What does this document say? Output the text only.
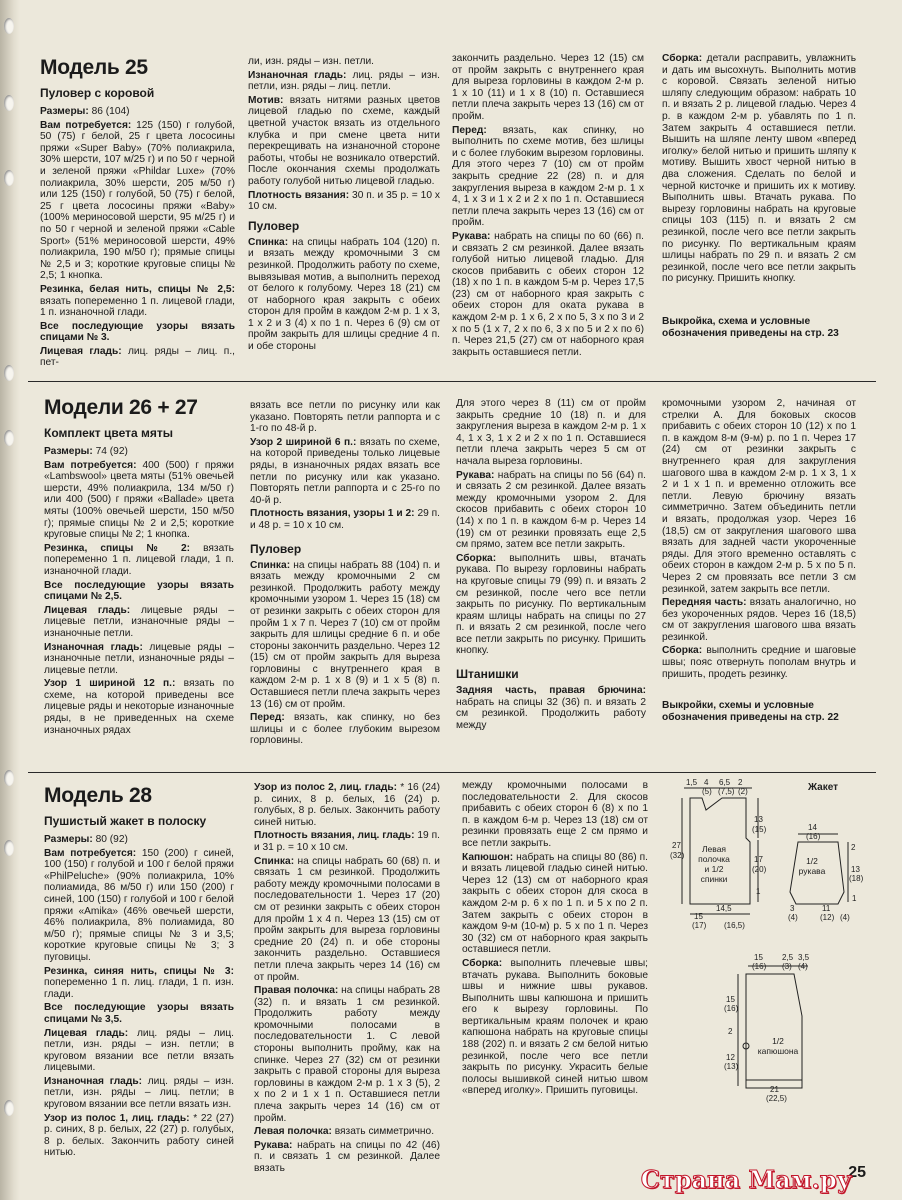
Модель 25
Пуловер с коровой

Размеры: 86 (104)

Вам потребуется: 125 (150) г голубой, 50 (75) г белой, 25 г цвета лососины пряжи «Super Baby» (70% полиакрила, 30% шерсти, 107 м/25 г) и по 50 г черной и зеленой пряжи «Phildar Luxe» (70% полиакрила, 30% шерсти, 205 м/50 г) или 125 (150) г голубой, 50 (75) г белой, 25 г цвета лососины пряжи «Baby» (100% мериносовой шерсти, 95 м/25 г) и по 50 г черной и зеленой пряжи «Cable Sport» (51% мериносовой шерсти, 49% полиакрила, 190 м/50 г); прямые спицы № 2,5 и 3; короткие круговые спицы № 2,5; 1 кнопка.

Резинка, белая нить, спицы № 2,5: вязать попеременно 1 п. лицевой глади, 1 п. изнаночной глади.

Все последующие узоры вязать спицами № 3.

Лицевая гладь: лиц. ряды – лиц. п., пет-

ли, изн. ряды – изн. петли.

Изнаночная гладь: лиц. ряды – изн. петли, изн. ряды – лиц. петли.

Мотив: вязать нитями разных цветов лицевой гладью по схеме, каждый цветной участок вязать из отдельного клубка и при смене цвета нити перекрещивать на изнаночной стороне работы, чтобы не возникало отверстий. После окончания схемы продолжать работу голубой нитью лицевой гладью.

Плотность вязания: 30 п. и 35 р. = 10 х 10 см.

Пуловер

Спинка: на спицы набрать 104 (120) п. и вязать между кромочными 3 см резинкой. Продолжить работу по схеме, вывязывая мотив, а выполнить переход от белого к голубому. Через 18 (21) см от наборного края закрыть с обеих сторон для пройм в каждом 2-м р. 1 х 3, 1 х 2 и 3 (4) х по 1 п. Через 6 (9) см от пройм закрыть для шлицы средние 4 п. и обе стороны

закончить раздельно. Через 12 (15) см от пройм закрыть с внутреннего края для выреза горловины в каждом 2-м р. 1 х 10 (11) и 1 х 8 (10) п. Оставшиеся петли плеча закрыть через 13 (16) см от пройм.

Перед: вязать, как спинку, но выполнить по схеме мотив, без шлицы и с более глубоким вырезом горловины. Для этого через 7 (10) см от пройм закрыть средние 22 (28) п. и для закругления выреза в каждом 2-м р. 1 х 4, 1 х 3 и 1 х 2 и 2 х по 1 п. Оставшиеся петли плеча закрыть через 13 (16) см от пройм.

Рукава: набрать на спицы по 60 (66) п. и связать 2 см резинкой. Далее вязать голубой нитью лицевой гладью. Для скосов прибавить с обеих сторон 12 (18) х по 1 п. в каждом 5-м р. Через 17,5 (23) см от наборного края закрыть с обеих сторон для оката рукава в каждом 2-м р. 1 х 6, 2 х по 5, 3 х по 3 и 2 х по 5 (1 х 7, 2 х по 6, 3 х по 5 и 2 х по 6) п. Через 21,5 (27) см от наборного края закрыть оставшиеся петли.

Сборка: детали расправить, увлажнить и дать им высохнуть. Выполнить мотив с коровой. Связать зеленой нитью шляпу следующим образом: набрать 10 п. и вязать 2 р. лицевой гладью. Через 4 р. в каждом 2-м р. убавлять по 1 п. Затем закрыть 4 оставшиеся петли. Вышить на шляпе ленту швом «вперед иголку» белой нитью и пришить шляпу к мотиву. Вышить хвост черной нитью в два сложения. Сделать по белой и черной кисточке и пришить их к мотиву. Выполнить швы. Втачать рукава. По вырезу горловины набрать на круговые спицы 103 (115) п. и вязать 2 см резинкой, после чего все петли закрыть по рисунку. По вертикальным краям шлицы набрать по 29 п. и вязать 2 см резинкой, после чего все петли закрыть по рисунку. Пришить кнопку.

Выкройка, схема и условные обозначения приведены на стр. 23
Модели 26 + 27
Комплект цвета мяты

Размеры: 74 (92)

Вам потребуется: 400 (500) г пряжи «Lambswool» цвета мяты (51% овечьей шерсти, 49% полиакрила, 134 м/50 г) или 400 (500) г пряжи «Ballade» цвета мяты (100% овечьей шерсти, 150 м/50 г); прямые спицы № 2 и 2,5; короткие круговые спицы № 2; 1 кнопка.

Резинка, спицы № 2: вязать попеременно 1 п. лицевой глади, 1 п. изнаночной глади.

Все последующие узоры вязать спицами № 2,5.

Лицевая гладь: лицевые ряды – лицевые петли, изнаночные ряды – изнаночные петли.

Изнаночная гладь: лицевые ряды – изнаночные петли, изнаночные ряды – лицевые петли.

Узор 1 шириной 12 п.: вязать по схеме, на которой приведены все лицевые ряды и некоторые изнаночные ряды, в не приведенных на схеме изнаночных рядах

вязать все петли по рисунку или как указано. Повторять петли раппорта и с 1-го по 48-й р.

Узор 2 шириной 6 п.: вязать по схеме, на которой приведены только лицевые ряды, в изнаночных рядах вязать все петли по рисунку или как указано. Повторять петли раппорта и с 25-го по 40-й р.

Плотность вязания, узоры 1 и 2: 29 п. и 48 р. = 10 х 10 см.

Пуловер

Спинка: на спицы набрать 88 (104) п. и вязать между кромочными 2 см резинкой. Продолжить работу между кромочными узором 1. Через 15 (18) см от резинки закрыть с обеих сторон для пройм 1 х 7 п. Через 7 (10) см от пройм закрыть для шлицы средние 6 п. и обе стороны закончить раздельно. Через 12 (15) см от пройм закрыть для выреза горловины с внутреннего края в каждом 2-м р. 1 х 8 (9) и 1 х 5 (8) п. Оставшиеся петли плеча закрыть через 13 (16) см от пройм.

Перед: вязать, как спинку, но без шлицы и с более глубоким вырезом горловины.

Для этого через 8 (11) см от пройм закрыть средние 10 (18) п. и для закругления выреза в каждом 2-м р. 1 х 4, 1 х 3, 1 х 2 и 2 х по 1 п. Оставшиеся петли плеча закрыть через 5 см от начала выреза горловины.

Рукава: набрать на спицы по 56 (64) п. и связать 2 см резинкой. Далее вязать между кромочными узором 2. Для скосов прибавить с обеих сторон 10 (14) х по 1 п. в каждом 6-м р. Через 14 (19) см от резинки провязать еще 2,5 см прямо, затем все петли закрыть.

Сборка: выполнить швы, втачать рукава. По вырезу горловины набрать на круговые спицы 79 (99) п. и вязать 2 см резинкой, после чего все петли закрыть по рисунку. По вертикальным краям шлицы набрать на спицы по 27 п. и вязать 2 см резинкой, после чего все петли закрыть по рисунку. Пришить кнопку.

Штанишки

Задняя часть, правая брючина: набрать на спицы 32 (36) п. и вязать 2 см резинкой. Продолжить работу между

кромочными узором 2, начиная от стрелки А. Для боковых скосов прибавить с обеих сторон 10 (12) х по 1 п. в каждом 8-м (9-м) р. по 1 п. Через 17 (24) см от резинки закрыть с внутреннего края для закругления шагового шва в каждом 2-м р. 1 х 3, 1 х 2 и 1 х 1 п. и временно отложить все петли. Левую брючину вязать симметрично. Затем объединить петли и вязать, продолжая узор. Через 16 (18,5) см от закругления шагового шва вязать для задней части укороченные ряды. Для этого временно оставлять с обеих сторон в каждом 2-м р. 5 х по 5 п. Через 2 см провязать все петли 3 см резинкой, затем закрыть все петли.

Передняя часть: вязать аналогично, но без укороченных рядов. Через 16 (18,5) см от закругления шагового шва вязать резинкой.

Сборка: выполнить средние и шаговые швы; пояс отвернуть пополам внутрь и пришить, продеть резинку.

Выкройки, схемы и условные обозначения приведены на стр. 22
Модель 28
Пушистый жакет в полоску

Размеры: 80 (92)

Вам потребуется: 150 (200) г синей, 100 (150) г голубой и 100 г белой пряжи «PhilPeluche» (90% полиакрила, 10% полиамида, 86 м/50 г) или 150 (200) г синей, 100 (150) г голубой и 100 г белой пряжи «Amika» (46% овечьей шерсти, 46% полиакрила, 8% полиамида, 80 м/50 г); прямые спицы № 3 и 3,5; короткие круговые спицы № 3; 3 пуговицы.

Резинка, синяя нить, спицы № 3: попеременно 1 п. лиц. глади, 1 п. изн. глади.

Все последующие узоры вязать спицами № 3,5.

Лицевая гладь: лиц. ряды – лиц. петли, изн. ряды – изн. петли; в круговом вязании все петли вязать лицевыми.

Изнаночная гладь: лиц. ряды – изн. петли, изн. ряды – лиц. петли; в круговом вязании все петли вязать изн.

Узор из полос 1, лиц. гладь: * 22 (27) р. синих, 8 р. белых, 22 (27) р. голубых, 8 р. белых. Закончить работу синей нитью.

Узор из полос 2, лиц. гладь: * 16 (24) р. синих, 8 р. белых, 16 (24) р. голубых, 8 р. белых. Закончить работу синей нитью.

Плотность вязания, лиц. гладь: 19 п. и 31 р. = 10 х 10 см.

Спинка: на спицы набрать 60 (68) п. и связать 1 см резинкой. Продолжить работу между кромочными полосами в последовательности 1. Через 17 (20) см от резинки закрыть с обеих сторон для пройм 1 х 4 п. Через 13 (15) см от пройм закрыть для выреза горловины средние 20 (24) п. и обе стороны закончить раздельно. Оставшиеся петли плеча закрыть через 14 (16) см от пройм.

Правая полочка: на спицы набрать 28 (32) п. и вязать 1 см резинкой. Продолжить работу между кромочными полосами в последовательности 1. С левой стороны выполнить пройму, как на спинке. Через 27 (32) см от резинки закрыть с правой стороны для выреза горловины в каждом 2-м р. 1 х 3 (5), 2 х по 2 и 1 х 1 п. Оставшиеся петли плеча закрыть через 14 (16) см от пройм.

Левая полочка: вязать симметрично.

Рукава: набрать на спицы по 42 (46) п. и связать 1 см резинкой. Далее вязать

между кромочными полосами в последовательности 2. Для скосов прибавить с обеих сторон 6 (8) х по 1 п. в каждом 6-м р. Через 13 (18) см от резинки провязать еще 2 см прямо и все петли закрыть.

Капюшон: набрать на спицы 80 (86) п. и вязать лицевой гладью синей нитью. Через 12 (13) см от наборного края закрыть с обеих сторон для скоса в каждом 2-м р. 6 х по 1 п. и 5 х по 2 п. Затем закрыть с обеих сторон в каждом 9-м (10-м) р. 5 х по 1 п. Через 30 (32) см от наборного края закрыть оставшиеся петли.

Сборка: выполнить плечевые швы; втачать рукава. Выполнить боковые швы и нижние швы рукавов. Выполнить швы капюшона и пришить его к вырезу горловины. По вертикальным краям полочек и краю капюшона набрать на круговые спицы 188 (202) п. и вязать 2 см белой нитью резинкой, после чего все петли закрыть по рисунку. Украсить белые полосы вышивкой синей нитью швом «вперед иголку». Пришить пуговицы.

Жакет
1,5 4 6,5 2
(5) (7,5) (2)
27
(32)
13
(15)
17
(20)
1
Левая
полочка
и 1/2
спинки
14,5
15
(17) (16,5)
14
(16)
2
13
(18)
1
1/2
рукава
11
(12)
3
(4)	(4)
15
(16)
2,5
(3)
3,5
(4)
15
(16)
2
12
(13)
1/2
капюшона
21
(22,5)
25
Страна Мам.ру
